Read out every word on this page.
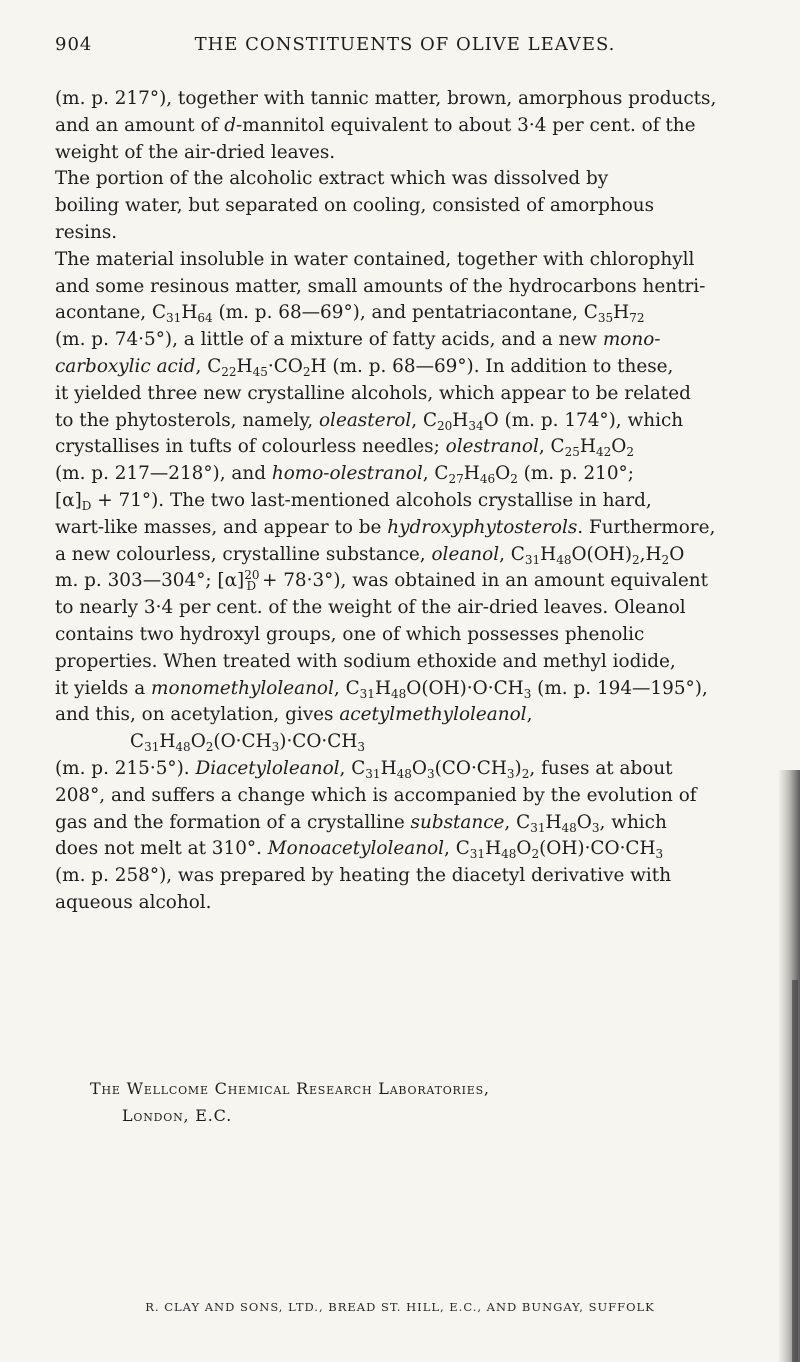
904	THE CONSTITUENTS OF OLIVE LEAVES.

(m. p. 217°), together with tannic matter, brown, amorphous products,
and an amount of d-mannitol equivalent to about 3·4 per cent. of the
weight of the air-dried leaves.

The portion of the alcoholic extract which was dissolved by
boiling water, but separated on cooling, consisted of amorphous
resins.

The material insoluble in water contained, together with chlorophyll
and some resinous matter, small amounts of the hydrocarbons hentri-
acontane, $C_{31}H_{64}$ (m. p. 68—69°), and pentatriacontane, $C_{35}H_{72}$
(m. p. 74·5°), a little of a mixture of fatty acids, and a new mono-
carboxylic acid, $C_{22}H_{45}\cdot CO_2H$ (m. p. 68—69°). In addition to these,
it yielded three new crystalline alcohols, which appear to be related
to the phytosterols, namely, oleasterol, $C_{20}H_{34}O$ (m. p. 174°), which
crystallises in tufts of colourless needles; olestranol, $C_{25}H_{42}O_2$
(m. p. 217—218°), and homo-olestranol, $C_{27}H_{46}O_2$ (m. p. 210°;
$[\alpha]_D + 71^\circ$). The two last-mentioned alcohols crystallise in hard,
wart-like masses, and appear to be hydroxyphytosterols. Furthermore,
a new colourless, crystalline substance, oleanol, $C_{31}H_{48}O(OH)_2,H_2O$
m. p. 303—304°; $[\alpha]^{20}_D + 78\cdot 3^\circ$), was obtained in an amount equivalent
to nearly 3·4 per cent. of the weight of the air-dried leaves. Oleanol
contains two hydroxyl groups, one of which possesses phenolic
properties. When treated with sodium ethoxide and methyl iodide,
it yields a monomethyloleanol, $C_{31}H_{48}O(OH)\cdot O\cdot CH_3$ (m. p. 194—195°),
and this, on acetylation, gives acetylmethyloleanol,
$C_{31}H_{48}O_2(O\cdot CH_3)\cdot CO\cdot CH_3$
(m. p. 215·5°). Diacetyloleanol, $C_{31}H_{48}O_3(CO\cdot CH_3)_2$, fuses at about
208°, and suffers a change which is accompanied by the evolution of
gas and the formation of a crystalline substance, $C_{31}H_{48}O_3$, which
does not melt at 310°. Monoacetyloleanol, $C_{31}H_{48}O_2(OH)\cdot CO\cdot CH_3$
(m. p. 258°), was prepared by heating the diacetyl derivative with
aqueous alcohol.

The Wellcome Chemical Research Laboratories,
London, E.C.
R. CLAY AND SONS, LTD., BREAD ST. HILL, E.C., AND BUNGAY, SUFFOLK
